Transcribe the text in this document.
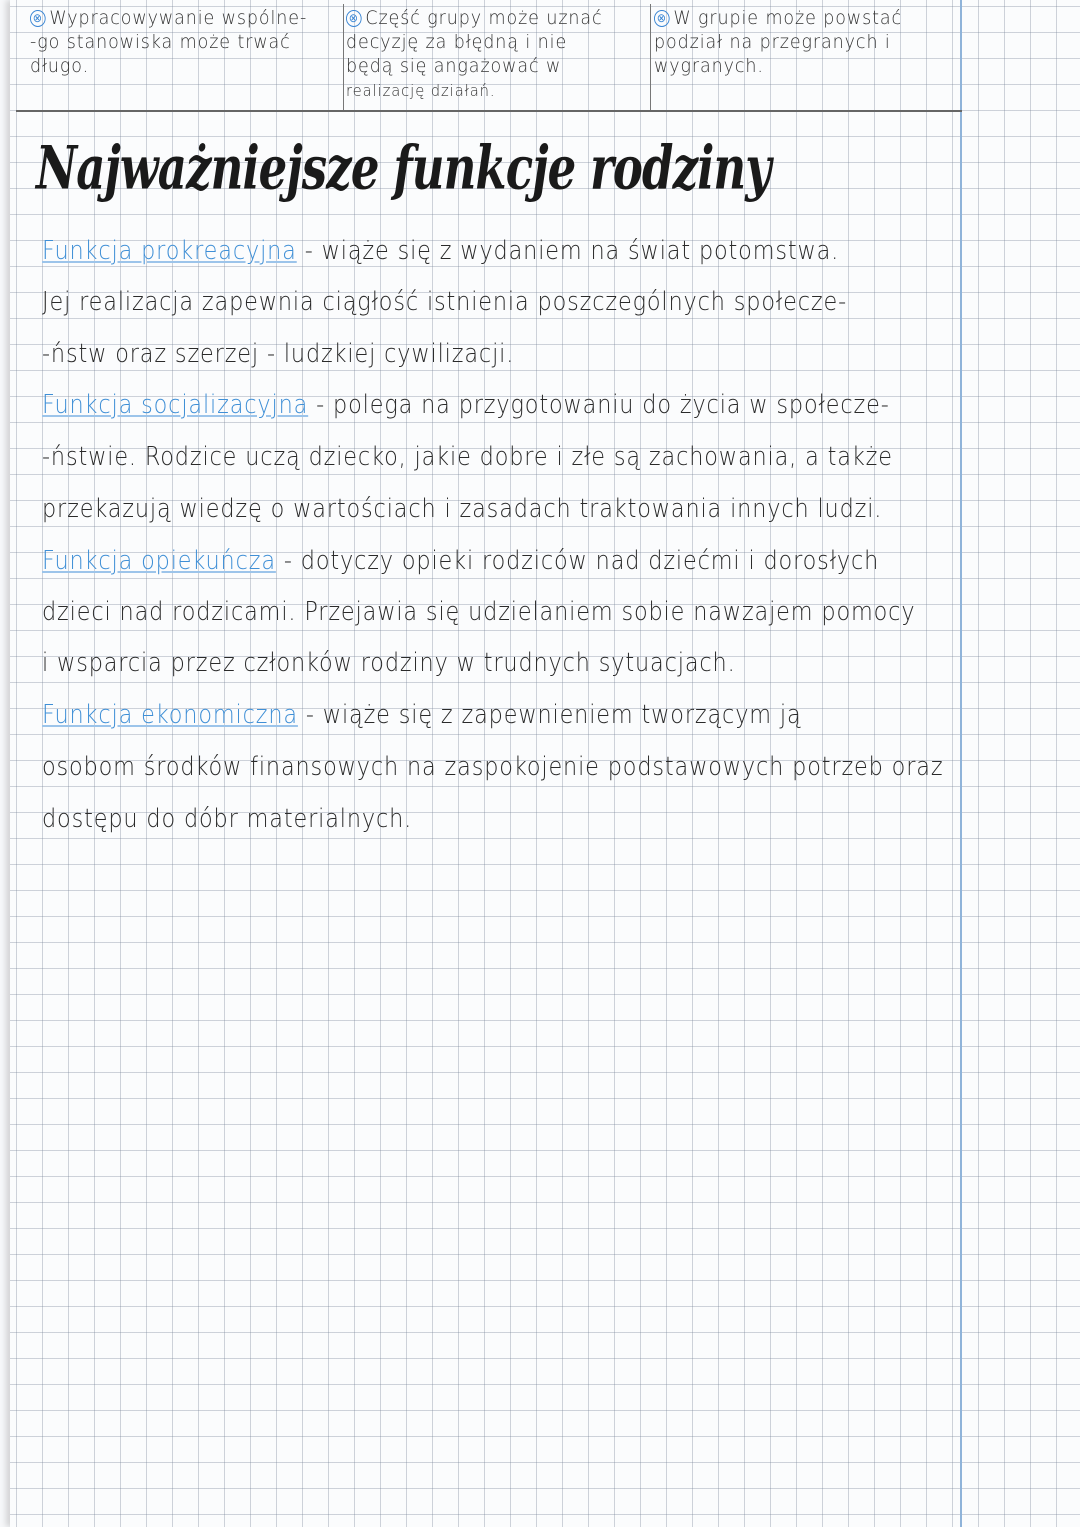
⊗ Wypracowywanie wspólne-
-go stanowiska może trwać
długo.
⊗ Część grupy może uznać
decyzję za błędną i nie
będą się angażować w
realizację działań.
⊗ W grupie może powstać
podział na przegranych i
wygranych.
Najważniejsze funkcje rodziny
Funkcja prokreacyjna - wiąże się z wydaniem na świat potomstwa.
Jej realizacja zapewnia ciągłość istnienia poszczególnych społecze-
-ństw oraz szerzej - ludzkiej cywilizacji.
Funkcja socjalizacyjna - polega na przygotowaniu do życia w społecze-
-ństwie. Rodzice uczą dziecko, jakie dobre i złe są zachowania, a także
przekazują wiedzę o wartościach i zasadach traktowania innych ludzi.
Funkcja opiekuńcza - dotyczy opieki rodziców nad dziećmi i dorosłych
dzieci nad rodzicami. Przejawia się udzielaniem sobie nawzajem pomocy
i wsparcia przez członków rodziny w trudnych sytuacjach.
Funkcja ekonomiczna - wiąże się z zapewnieniem tworzącym ją
osobom środków finansowych na zaspokojenie podstawowych potrzeb oraz
dostępu do dóbr materialnych.
